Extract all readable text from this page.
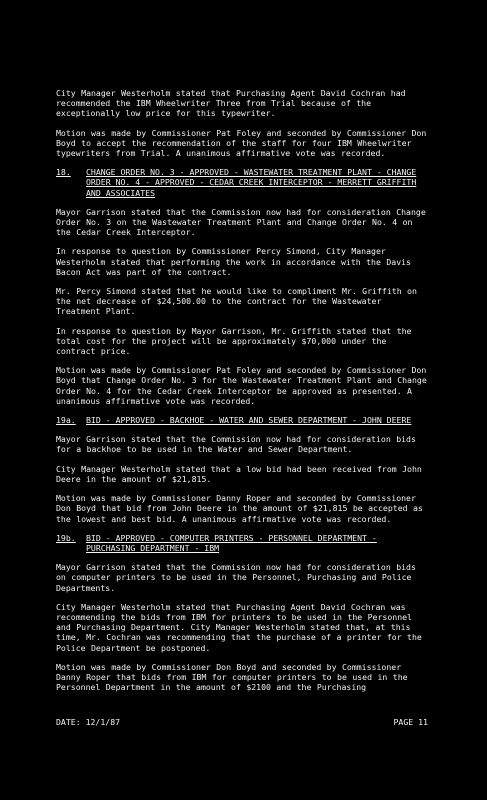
City Manager Westerholm stated that Purchasing Agent David Cochran had recommended the IBM Wheelwriter Three from Trial because of the exceptionally low price for this typewriter.

Motion was made by Commissioner Pat Foley and seconded by Commissioner Don Boyd to accept the recommendation of the staff for four IBM Wheelwriter typewriters from Trial. A unanimous affirmative vote was recorded.

18.	CHANGE ORDER NO. 3 - APPROVED - WASTEWATER TREATMENT PLANT - CHANGE ORDER NO. 4 - APPROVED - CEDAR CREEK INTERCEPTOR - MERRETT GRIFFITH AND ASSOCIATES

Mayor Garrison stated that the Commission now had for consideration Change Order No. 3 on the Wastewater Treatment Plant and Change Order No. 4 on the Cedar Creek Interceptor.

In response to question by Commissioner Percy Simond, City Manager Westerholm stated that performing the work in accordance with the Davis Bacon Act was part of the contract.

Mr. Percy Simond stated that he would like to compliment Mr. Griffith on the net decrease of $24,500.00 to the contract for the Wastewater Treatment Plant.

In response to question by Mayor Garrison, Mr. Griffith stated that the total cost for the project will be approximately $70,000 under the contract price.

Motion was made by Commissioner Pat Foley and seconded by Commissioner Don Boyd that Change Order No. 3 for the Wastewater Treatment Plant and Change Order No. 4 for the Cedar Creek Interceptor be approved as presented. A unanimous affirmative vote was recorded.

19a.	BID - APPROVED - BACKHOE - WATER AND SEWER DEPARTMENT - JOHN DEERE

Mayor Garrison stated that the Commission now had for consideration bids for a backhoe to be used in the Water and Sewer Department.

City Manager Westerholm stated that a low bid had been received from John Deere in the amount of $21,815.

Motion was made by Commissioner Danny Roper and seconded by Commissioner Don Boyd that bid from John Deere in the amount of $21,815 be accepted as the lowest and best bid. A unanimous affirmative vote was recorded.

19b.	BID - APPROVED - COMPUTER PRINTERS - PERSONNEL DEPARTMENT - PURCHASING DEPARTMENT - IBM

Mayor Garrison stated that the Commission now had for consideration bids on computer printers to be used in the Personnel, Purchasing and Police Departments.

City Manager Westerholm stated that Purchasing Agent David Cochran was recommending the bids from IBM for printers to be used in the Personnel and Purchasing Department. City Manager Westerholm stated that, at this time, Mr. Cochran was recommending that the purchase of a printer for the Police Department be postponed.

Motion was made by Commissioner Don Boyd and seconded by Commissioner Danny Roper that bids from IBM for computer printers to be used in the Personnel Department in the amount of $2100 and the Purchasing

DATE: 12/1/87	PAGE 11
